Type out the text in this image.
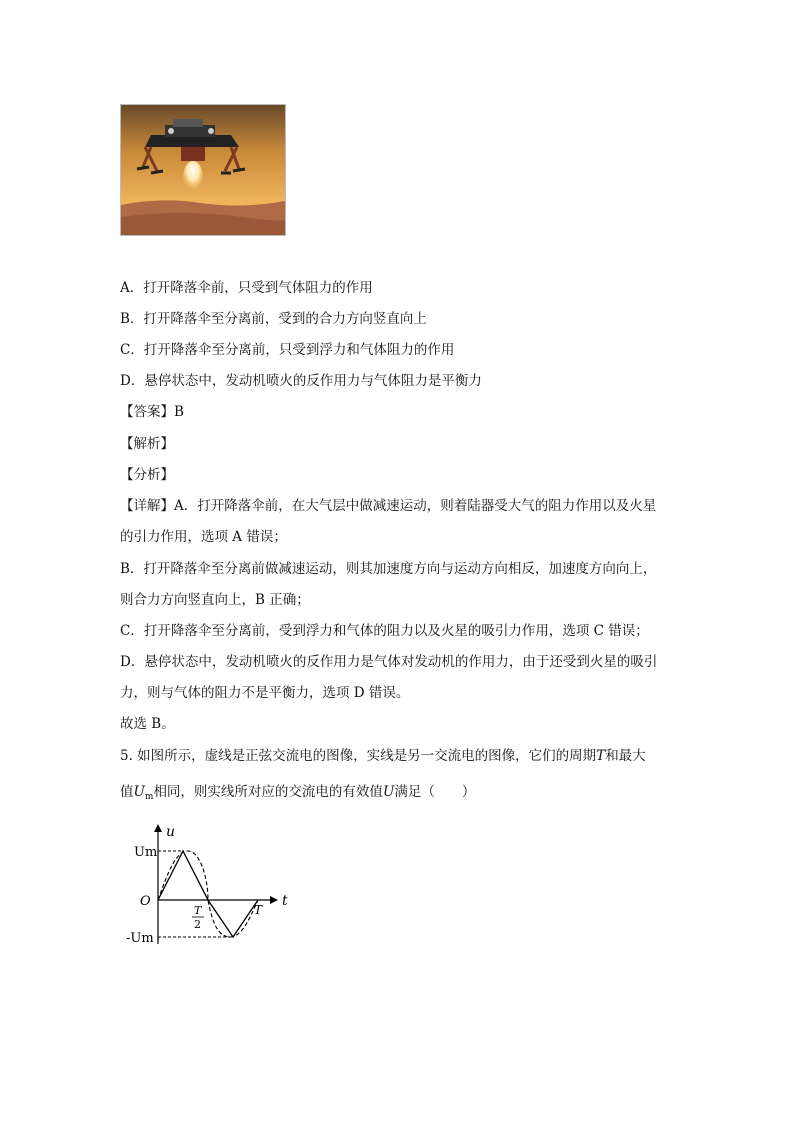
A．打开降落伞前，只受到气体阻力的作用
B．打开降落伞至分离前，受到的合力方向竖直向上
C．打开降落伞至分离前，只受到浮力和气体阻力的作用
D．悬停状态中，发动机喷火的反作用力与气体阻力是平衡力
【答案】B
【解析】
【分析】
【详解】A．打开降落伞前，在大气层中做减速运动，则着陆器受大气的阻力作用以及火星
的引力作用，选项 A 错误；
B．打开降落伞至分离前做减速运动，则其加速度方向与运动方向相反，加速度方向向上，
则合力方向竖直向上，B 正确；
C．打开降落伞至分离前，受到浮力和气体的阻力以及火星的吸引力作用，选项 C 错误；
D．悬停状态中，发动机喷火的反作用力是气体对发动机的作用力，由于还受到火星的吸引
力，则与气体的阻力不是平衡力，选项 D 错误。
故选 B。
5. 如图所示，虚线是正弦交流电的图像，实线是另一交流电的图像，它们的周期T和最大
值$U_m$相同，则实线所对应的交流电的有效值U满足（　　）
u
t
O
Um
-Um
T
2
T
